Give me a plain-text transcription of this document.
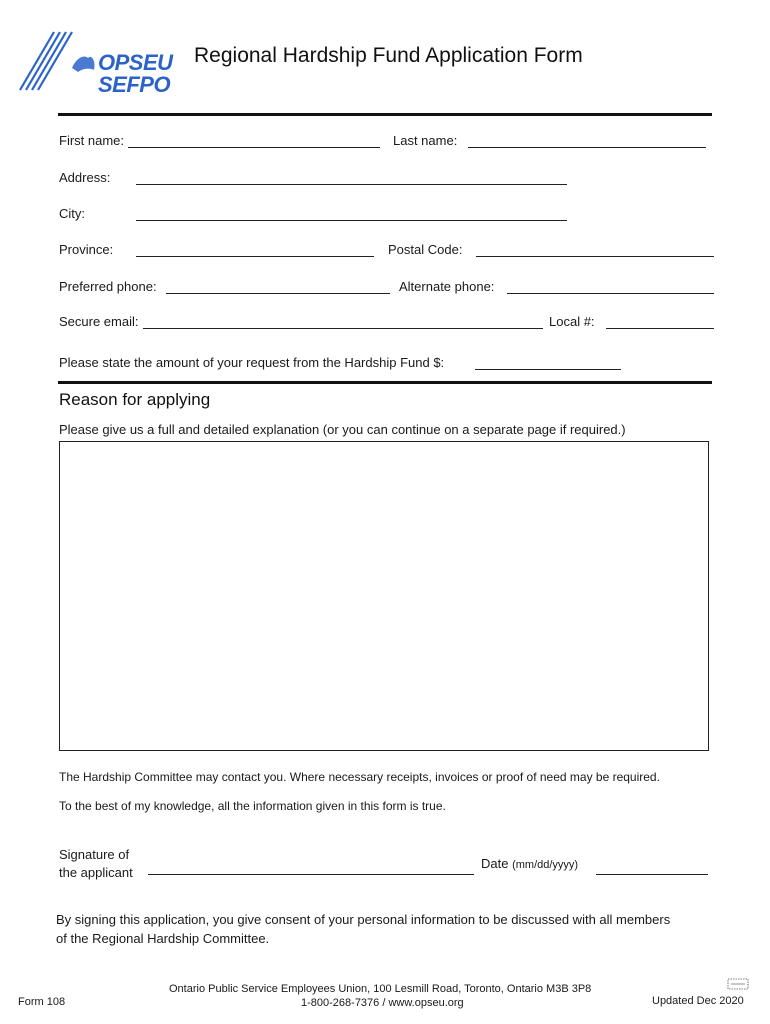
OPSEU
SEFPO
Regional Hardship Fund Application Form
First name:	Last name:
Address:
City:
Province:	Postal Code:
Preferred phone:	Alternate phone:
Secure email:	Local #:
Please state the amount of your request from the Hardship Fund $:
Reason for applying
Please give us a full and detailed explanation (or you can continue on a separate page if required.)
The Hardship Committee may contact you. Where necessary receipts, invoices or proof of need may be required.
To the best of my knowledge, all the information given in this form is true.
Signature of
the applicant
Date (mm/dd/yyyy)
By signing this application, you give consent of your personal information to be discussed with all members
of the Regional Hardship Committee.
Form 108
Ontario Public Service Employees Union, 100 Lesmill Road, Toronto, Ontario M3B 3P8
1-800-268-7376 / www.opseu.org	Updated Dec 2020
